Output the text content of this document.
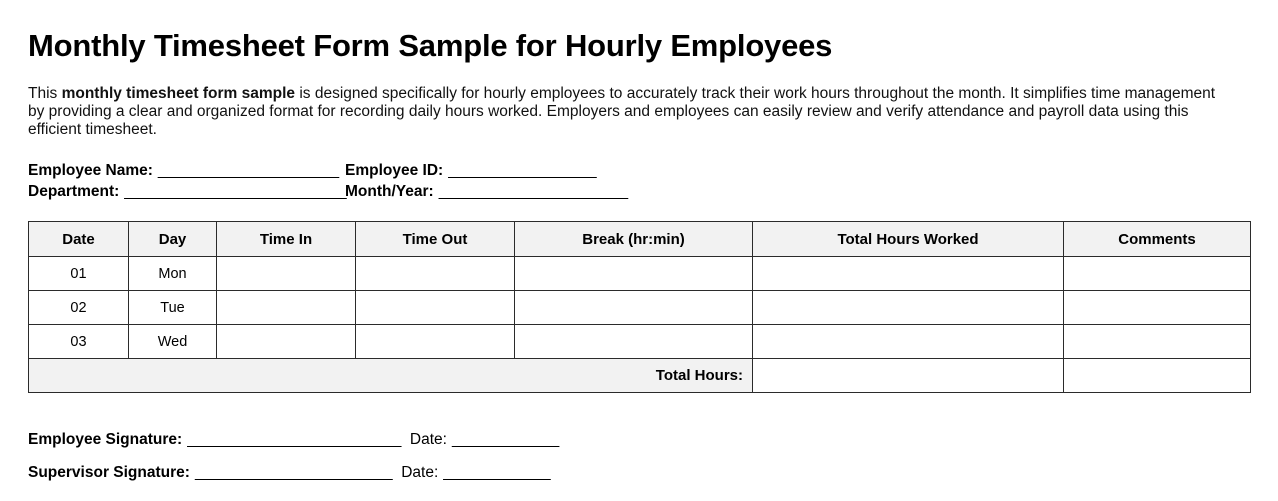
Monthly Timesheet Form Sample for Hourly Employees

This monthly timesheet form sample is designed specifically for hourly employees to accurately track their work hours throughout the month. It simplifies time management by providing a clear and organized format for recording daily hours worked. Employers and employees can easily review and verify attendance and payroll data using this efficient timesheet.

Employee Name: ______________________ Employee ID: __________________
Department: ___________________________
Month/Year: _______________________
Date	Day	Time In	Time Out	Break (hr:min)	Total Hours Worked	Comments
01	Mon					
02	Tue					
03	Wed					
Total Hours:						
Employee Signature: __________________________ Date: _____________
Supervisor Signature: ________________________ Date: _____________
